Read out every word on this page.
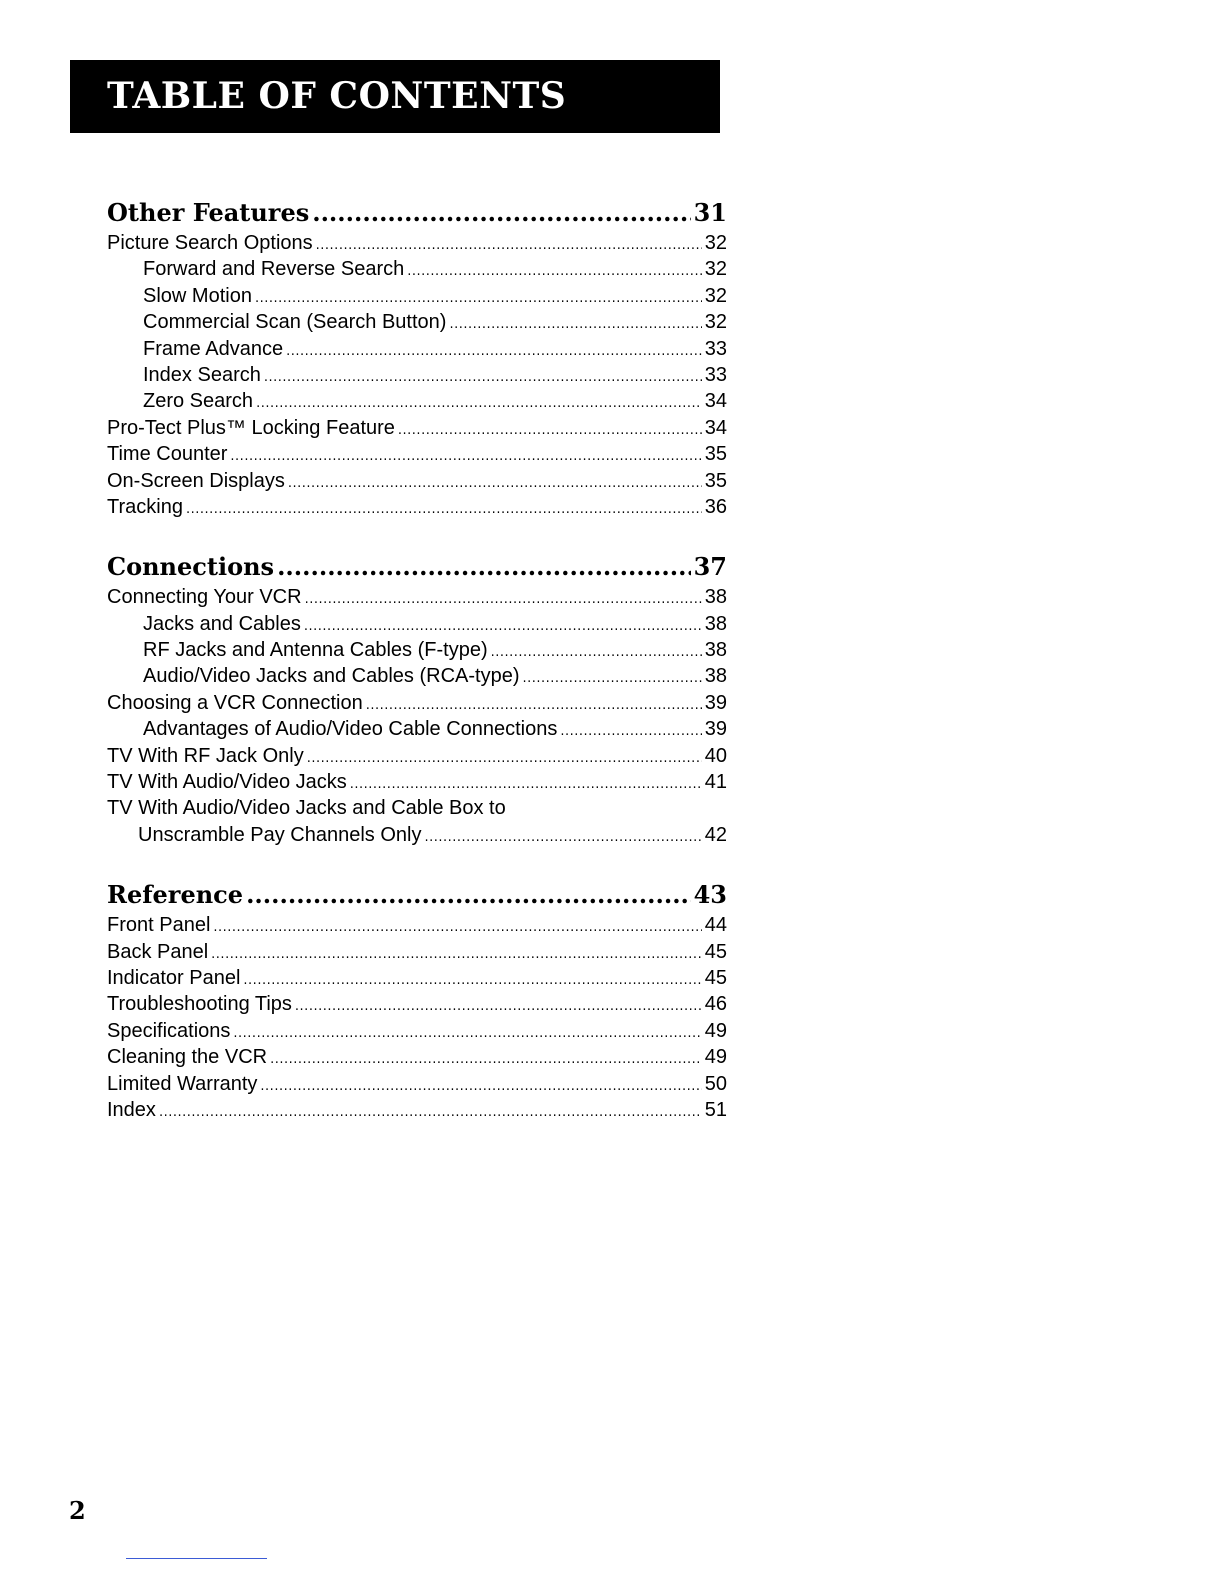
TABLE OF CONTENTS
Other Features .....	31
Picture Search Options .....	32
Forward and Reverse Search .....	32
Slow Motion .....	32
Commercial Scan (Search Button) .....	32
Frame Advance .....	33
Index Search .....	33
Zero Search .....	34
Pro-Tect Plus™ Locking Feature .....	34
Time Counter .....	35
On-Screen Displays .....	35
Tracking .....	36
Connections .....	37
Connecting Your VCR .....	38
Jacks and Cables .....	38
RF Jacks and Antenna Cables (F-type) .....	38
Audio/Video Jacks and Cables (RCA-type) .....	38
Choosing a VCR Connection .....	39
Advantages of Audio/Video Cable Connections .....	39
TV With RF Jack Only .....	40
TV With Audio/Video Jacks .....	41
TV With Audio/Video Jacks and Cable Box to
Unscramble Pay Channels Only .....	42
Reference .....	43
Front Panel .....	44
Back Panel .....	45
Indicator Panel .....	45
Troubleshooting Tips .....	46
Specifications .....	49
Cleaning the VCR .....	49
Limited Warranty .....	50
Index .....	51
2
